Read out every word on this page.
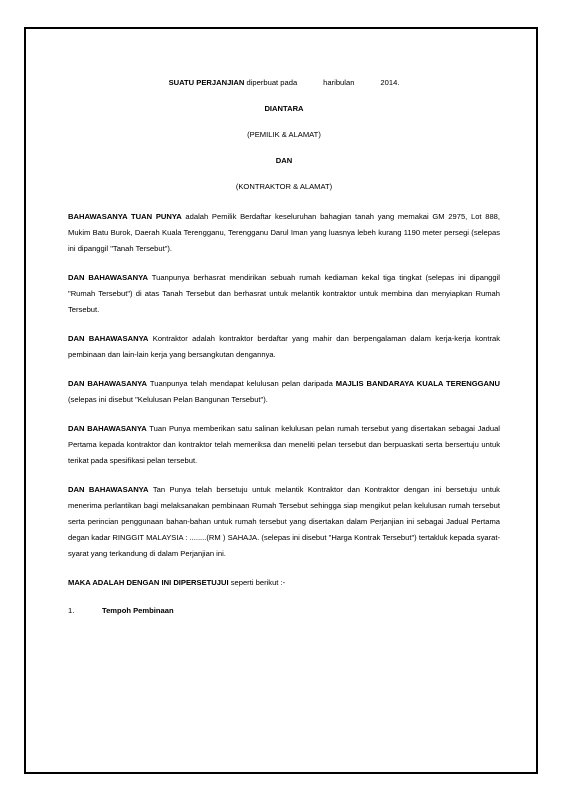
SUATU PERJANJIAN diperbuat pada	haribulan	2014.
DIANTARA
(PEMILIK & ALAMAT)
DAN
(KONTRAKTOR & ALAMAT)

BAHAWASANYA TUAN PUNYA adalah Pemilik Berdaftar keseluruhan bahagian tanah yang memakai GM 2975, Lot 888, Mukim Batu Burok, Daerah Kuala Terengganu, Terengganu Darul Iman yang luasnya lebeh kurang 1190 meter persegi (selepas ini dipanggil "Tanah Tersebut").

DAN BAHAWASANYA Tuanpunya berhasrat mendirikan sebuah rumah kediaman kekal tiga tingkat (selepas ini dipanggil "Rumah Tersebut") di atas Tanah Tersebut dan berhasrat untuk melantik kontraktor untuk membina dan menyiapkan Rumah Tersebut.

DAN BAHAWASANYA Kontraktor adalah kontraktor berdaftar yang mahir dan berpengalaman dalam kerja-kerja kontrak pembinaan dan lain-lain kerja yang bersangkutan dengannya.

DAN BAHAWASANYA Tuanpunya telah mendapat kelulusan pelan daripada MAJLIS BANDARAYA KUALA TERENGGANU (selepas ini disebut "Kelulusan Pelan Bangunan Tersebut").

DAN BAHAWASANYA Tuan Punya memberikan satu salinan kelulusan pelan rumah tersebut yang disertakan sebagai Jadual Pertama kepada kontraktor dan kontraktor telah memeriksa dan meneliti pelan tersebut dan berpuaskati serta bersertuju untuk terikat pada spesifikasi pelan tersebut.

DAN BAHAWASANYA Tan Punya telah bersetuju untuk melantik Kontraktor dan Kontraktor dengan ini bersetuju untuk menerima perlantikan bagi melaksanakan pembinaan Rumah Tersebut sehingga siap mengikut pelan kelulusan rumah tersebut serta perincian penggunaan bahan-bahan untuk rumah tersebut yang disertakan dalam Perjanjian ini sebagai Jadual Pertama degan kadar RINGGIT MALAYSIA : ........(RM ) SAHAJA. (selepas ini disebut "Harga Kontrak Tersebut") tertakluk kepada syarat-syarat yang terkandung di dalam Perjanjian ini.

MAKA ADALAH DENGAN INI DIPERSETUJUI seperti berikut :-

1.	Tempoh Pembinaan
